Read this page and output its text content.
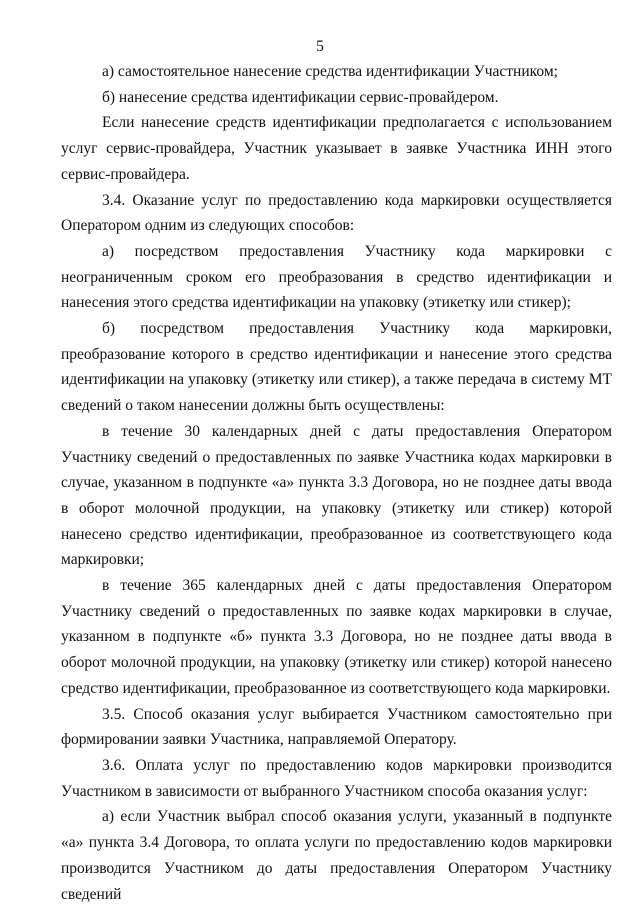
5

а) самостоятельное нанесение средства идентификации Участником;

б) нанесение средства идентификации сервис-провайдером.

Если нанесение средств идентификации предполагается с использованием услуг сервис-провайдера, Участник указывает в заявке Участника ИНН этого сервис-провайдера.

3.4. Оказание услуг по предоставлению кода маркировки осуществляется Оператором одним из следующих способов:

а) посредством предоставления Участнику кода маркировки с неограниченным сроком его преобразования в средство идентификации и нанесения этого средства идентификации на упаковку (этикетку или стикер);

б) посредством предоставления Участнику кода маркировки, преобразование которого в средство идентификации и нанесение этого средства идентификации на упаковку (этикетку или стикер), а также передача в систему МТ сведений о таком нанесении должны быть осуществлены:

в течение 30 календарных дней с даты предоставления Оператором Участнику сведений о предоставленных по заявке Участника кодах маркировки в случае, указанном в подпункте «а» пункта 3.3 Договора, но не позднее даты ввода в оборот молочной продукции, на упаковку (этикетку или стикер) которой нанесено средство идентификации, преобразованное из соответствующего кода маркировки;

в течение 365 календарных дней с даты предоставления Оператором Участнику сведений о предоставленных по заявке кодах маркировки в случае, указанном в подпункте «б» пункта 3.3 Договора, но не позднее даты ввода в оборот молочной продукции, на упаковку (этикетку или стикер) которой нанесено средство идентификации, преобразованное из соответствующего кода маркировки.

3.5. Способ оказания услуг выбирается Участником самостоятельно при формировании заявки Участника, направляемой Оператору.

3.6. Оплата услуг по предоставлению кодов маркировки производится Участником в зависимости от выбранного Участником способа оказания услуг:

а) если Участник выбрал способ оказания услуги, указанный в подпункте «а» пункта 3.4 Договора, то оплата услуги по предоставлению кодов маркировки производится Участником до даты предоставления Оператором Участнику сведений
